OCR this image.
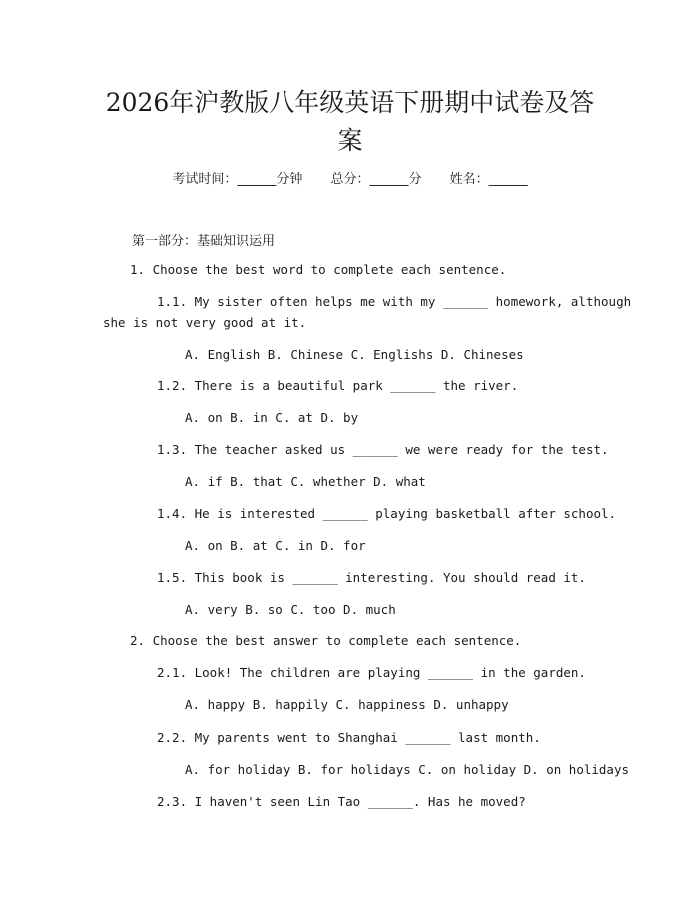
2026年沪教版八年级英语下册期中试卷及答
案
考试时间：______分钟 总分：______分 姓名：______
第一部分：基础知识运用
1. Choose the best word to complete each sentence.
1.1. My sister often helps me with my ______ homework, although
she is not very good at it.
A. English B. Chinese C. Englishs D. Chineses
1.2. There is a beautiful park ______ the river.
A. on B. in C. at D. by
1.3. The teacher asked us ______ we were ready for the test.
A. if B. that C. whether D. what
1.4. He is interested ______ playing basketball after school.
A. on B. at C. in D. for
1.5. This book is ______ interesting. You should read it.
A. very B. so C. too D. much
2. Choose the best answer to complete each sentence.
2.1. Look! The children are playing ______ in the garden.
A. happy B. happily C. happiness D. unhappy
2.2. My parents went to Shanghai ______ last month.
A. for holiday B. for holidays C. on holiday D. on holidays
2.3. I haven't seen Lin Tao ______. Has he moved?
